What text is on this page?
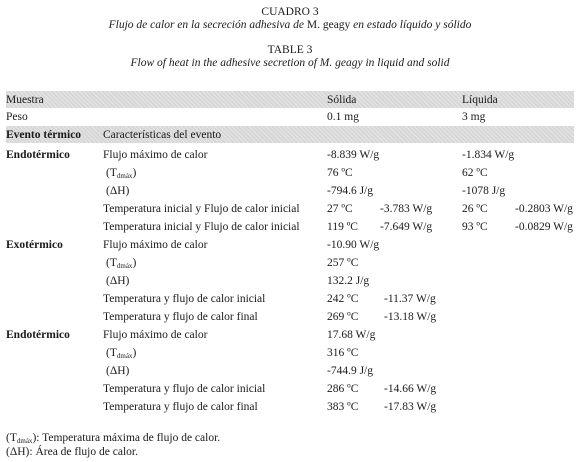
CUADRO 3
Flujo de calor en la secreción adhesiva de M. geagy en estado líquido y sólido
TABLE 3
Flow of heat in the adhesive secretion of M. geagy in liquid and solid
Muestra	Sólida	Líquida
Peso	0.1 mg	3 mg
Evento térmico Características del evento
Endotérmico	Flujo máximo de calor	-8.839 W/g	-1.834 W/g
$(T_{dmáx})$	76 ºC	62 ºC
(ΔH)	-794.6 J/g	-1078 J/g
Temperatura inicial y Flujo de calor inicial 27 ºC -3.783 W/g	26 ºC -0.2803 W/g
Temperatura inicial y Flujo de calor inicial 119 ºC -7.649 W/g	93 ºC -0.0829 W/g
Exotérmico	Flujo máximo de calor	-10.90 W/g
$(T_{dmáx})$	257 ºC
(ΔH)	132.2 J/g
Temperatura y flujo de calor inicial	242 ºC -11.37 W/g
Temperatura y flujo de calor final	269 ºC -13.18 W/g
Endotérmico	Flujo máximo de calor	17.68 W/g
$(T_{dmáx})$	316 ºC
(ΔH)	-744.9 J/g
Temperatura y flujo de calor inicial	286 ºC -14.66 W/g
Temperatura y flujo de calor final	383 ºC -17.83 W/g
$(T_{dmáx})$: Temperatura máxima de flujo de calor.
(ΔH): Área de flujo de calor.
